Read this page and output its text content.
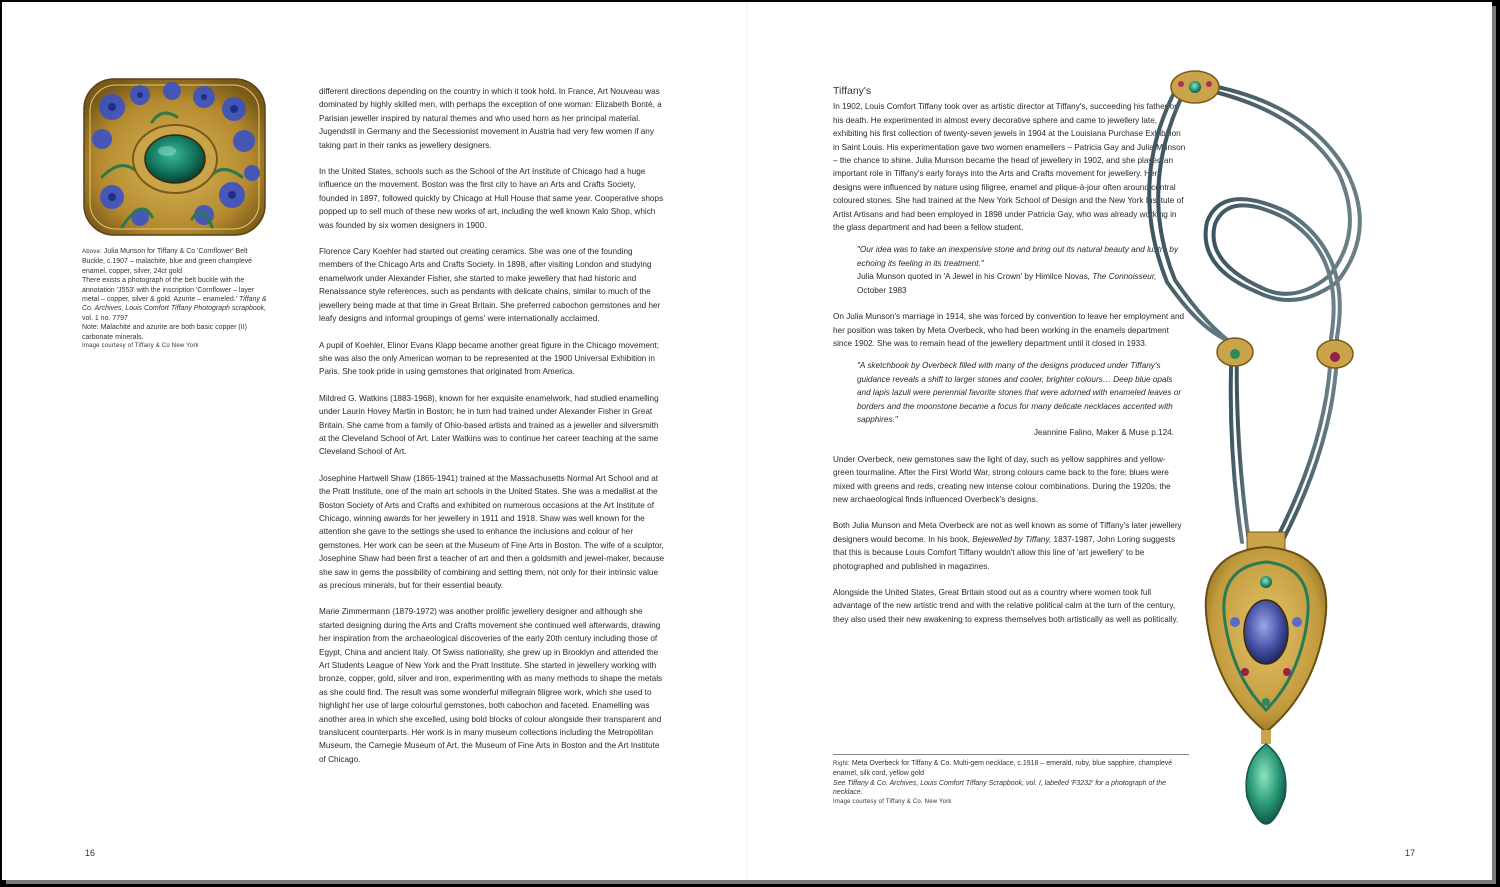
Above: Julia Munson for Tiffany & Co 'Cornflower' Belt Buckle, c.1907 – malachite, blue and green champlevé enamel, copper, silver, 24ct gold

There exists a photograph of the belt buckle with the annotation 'J553' with the inscription 'Cornflower – layer metal – copper, silver & gold. Azurite – enameled.' Tiffany & Co. Archives, Louis Comfort Tiffany Photograph scrapbook, vol. 1 no. 7797

Note: Malachite and azurite are both basic copper (II) carbonate minerals.

Image courtesy of Tiffany & Co New York

different directions depending on the country in which it took hold. In France, Art Nouveau was dominated by highly skilled men, with perhaps the exception of one woman: Elizabeth Bonté, a Parisian jeweller inspired by natural themes and who used horn as her principal material. Jugendstil in Germany and the Secessionist movement in Austria had very few women if any taking part in their ranks as jewellery designers.

In the United States, schools such as the School of the Art Institute of Chicago had a huge influence on the movement. Boston was the first city to have an Arts and Crafts Society, founded in 1897, followed quickly by Chicago at Hull House that same year. Cooperative shops popped up to sell much of these new works of art, including the well known Kalo Shop, which was founded by six women designers in 1900.

Florence Cary Koehler had started out creating ceramics. She was one of the founding members of the Chicago Arts and Crafts Society. In 1898, after visiting London and studying enamelwork under Alexander Fisher, she started to make jewellery that had historic and Renaissance style references, such as pendants with delicate chains, similar to much of the jewellery being made at that time in Great Britain. She preferred cabochon gemstones and her leafy designs and informal groupings of gems' were internationally acclaimed.

A pupil of Koehler, Elinor Evans Klapp became another great figure in the Chicago movement; she was also the only American woman to be represented at the 1900 Universal Exhibition in Paris. She took pride in using gemstones that originated from America.

Mildred G. Watkins (1883-1968), known for her exquisite enamelwork, had studied enamelling under Laurin Hovey Martin in Boston; he in turn had trained under Alexander Fisher in Great Britain. She came from a family of Ohio-based artists and trained as a jeweller and silversmith at the Cleveland School of Art. Later Watkins was to continue her career teaching at the same Cleveland School of Art.

Josephine Hartwell Shaw (1865-1941) trained at the Massachusetts Normal Art School and at the Pratt Institute, one of the main art schools in the United States. She was a medallist at the Boston Society of Arts and Crafts and exhibited on numerous occasions at the Art Institute of Chicago, winning awards for her jewellery in 1911 and 1918. Shaw was well known for the attention she gave to the settings she used to enhance the inclusions and colour of her gemstones. Her work can be seen at the Museum of Fine Arts in Boston. The wife of a sculptor, Josephine Shaw had been first a teacher of art and then a goldsmith and jewel-maker, because she saw in gems the possibility of combining and setting them, not only for their intrinsic value as precious minerals, but for their essential beauty.

Marie Zimmermann (1879-1972) was another prolific jewellery designer and although she started designing during the Arts and Crafts movement she continued well afterwards, drawing her inspiration from the archaeological discoveries of the early 20th century including those of Egypt, China and ancient Italy. Of Swiss nationality, she grew up in Brooklyn and attended the Art Students League of New York and the Pratt Institute. She started in jewellery working with bronze, copper, gold, silver and iron, experimenting with as many methods to shape the metals as she could find. The result was some wonderful millegrain filigree work, which she used to highlight her use of large colourful gemstones, both cabochon and faceted. Enamelling was another area in which she excelled, using bold blocks of colour alongside their transparent and translucent counterparts. Her work is in many museum collections including the Metropolitan Museum, the Carnegie Museum of Art, the Museum of Fine Arts in Boston and the Art Institute of Chicago.

16

Tiffany's

In 1902, Louis Comfort Tiffany took over as artistic director at Tiffany's, succeeding his father on his death. He experimented in almost every decorative sphere and came to jewellery late, exhibiting his first collection of twenty-seven jewels in 1904 at the Louisiana Purchase Exhibition in Saint Louis. His experimentation gave two women enamellers – Patricia Gay and Julia Munson – the chance to shine. Julia Munson became the head of jewellery in 1902, and she played an important role in Tiffany's early forays into the Arts and Crafts movement for jewellery. Her designs were influenced by nature using filigree, enamel and plique-à-jour often around central coloured stones. She had trained at the New York School of Design and the New York Institute of Artist Artisans and had been employed in 1898 under Patricia Gay, who was already working in the glass department and had been a fellow student.

"Our idea was to take an inexpensive stone and bring out its natural beauty and lustre by echoing its feeling in its treatment."
Julia Munson quoted in 'A Jewel in his Crown' by Himilce Novas, The Connoisseur, October 1983

On Julia Munson's marriage in 1914, she was forced by convention to leave her employment and her position was taken by Meta Overbeck, who had been working in the enamels department since 1902. She was to remain head of the jewellery department until it closed in 1933.

"A sketchbook by Overbeck filled with many of the designs produced under Tiffany's guidance reveals a shift to larger stones and cooler, brighter colours… Deep blue opals and lapis lazuli were perennial favorite stones that were adorned with enameled leaves or borders and the moonstone became a focus for many delicate necklaces accented with sapphires."
Jeannine Falino, Maker & Muse p.124.

Under Overbeck, new gemstones saw the light of day, such as yellow sapphires and yellow-green tourmaline. After the First World War, strong colours came back to the fore; blues were mixed with greens and reds, creating new intense colour combinations. During the 1920s, the new archaeological finds influenced Overbeck's designs.

Both Julia Munson and Meta Overbeck are not as well known as some of Tiffany's later jewellery designers would become. In his book, Bejewelled by Tiffany, 1837-1987, John Loring suggests that this is because Louis Comfort Tiffany wouldn't allow this line of 'art jewellery' to be photographed and published in magazines.

Alongside the United States, Great Britain stood out as a country where women took full advantage of the new artistic trend and with the relative political calm at the turn of the century, they also used their new awakening to express themselves both artistically as well as politically.

Right: Meta Overbeck for Tiffany & Co. Multi-gem necklace, c.1918 – emerald, ruby, blue sapphire, champlevé enamel, silk cord, yellow gold

See Tiffany & Co. Archives, Louis Comfort Tiffany Scrapbook, vol. I, labelled 'F3232' for a photograph of the necklace.

Image courtesy of Tiffany & Co. New York

17
